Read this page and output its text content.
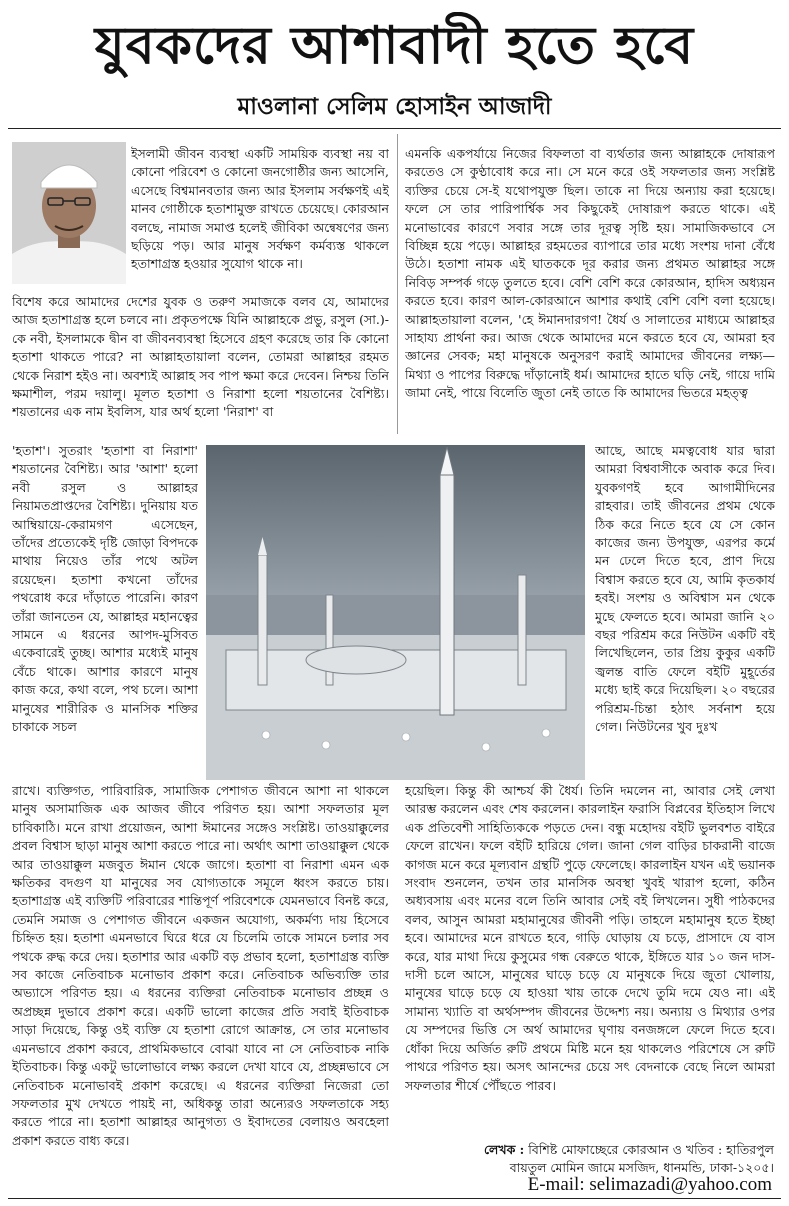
যুবকদের আশাবাদী হতে হবে
মাওলানা সেলিম হোসাইন আজাদী

ইসলামী জীবন ব্যবস্থা একটি সাময়িক ব্যবস্থা নয় বা কোনো পরিবেশ ও কোনো জনগোষ্ঠীর জন্য আসেনি, এসেছে বিশ্বমানবতার জন্য আর ইসলাম সর্বক্ষণই এই মানব গোষ্ঠীকে হতাশামুক্ত রাখতে চেয়েছে। কোরআন বলছে, নামাজ সমাপ্ত হলেই জীবিকা অন্বেষণের জন্য ছড়িয়ে পড়। আর মানুষ সর্বক্ষণ কর্মব্যস্ত থাকলে হতাশাগ্রস্ত হওয়ার সুযোগ থাকে না।

বিশেষ করে আমাদের দেশের যুবক ও তরুণ সমাজকে বলব যে, আমাদের আজ হতাশাগ্রস্ত হলে চলবে না। প্রকৃতপক্ষে যিনি আল্লাহকে প্রভু, রসুল (সা.)-কে নবী, ইসলামকে দ্বীন বা জীবনব্যবস্থা হিসেবে গ্রহণ করেছে তার কি কোনো হতাশা থাকতে পারে? না আল্লাহতায়ালা বলেন, তোমরা আল্লাহর রহমত থেকে নিরাশ হইও না। অবশ্যই আল্লাহ সব পাপ ক্ষমা করে দেবেন। নিশ্চয় তিনি ক্ষমাশীল, পরম দয়ালু। মূলত হতাশা ও নিরাশা হলো শয়তানের বৈশিষ্ট্য। শয়তানের এক নাম ইবলিস, যার অর্থ হলো 'নিরাশ' বা

'হতাশ'। সুতরাং 'হতাশা বা নিরাশা' শয়তানের বৈশিষ্ট্য। আর 'আশা' হলো নবী রসুল ও আল্লাহর নিয়ামতপ্রাপ্তদের বৈশিষ্ট্য। দুনিয়ায় যত আম্বিয়ায়ে-কেরামগণ এসেছেন, তাঁদের প্রত্যেকেই দৃষ্টি জোড়া বিপদকে মাথায় নিয়েও তাঁর পথে অটল রয়েছেন। হতাশা কখনো তাঁদের পথরোধ করে দাঁড়াতে পারেনি। কারণ তাঁরা জানতেন যে, আল্লাহর মহানত্বের সামনে এ ধরনের আপদ-মুসিবত একেবারেই তুচ্ছ। আশার মধ্যেই মানুষ বেঁচে থাকে। আশার কারণে মানুষ কাজ করে, কথা বলে, পথ চলে। আশা মানুষের শারীরিক ও মানসিক শক্তির চাকাকে সচল

রাখে। ব্যক্তিগত, পারিবারিক, সামাজিক পেশাগত জীবনে আশা না থাকলে মানুষ অসামাজিক এক আজব জীবে পরিণত হয়। আশা সফলতার মূল চাবিকাঠি। মনে রাখা প্রয়োজন, আশা ঈমানের সঙ্গেও সংশ্লিষ্ট। তাওয়াক্কুলের প্রবল বিশ্বাস ছাড়া মানুষ আশা করতে পারে না। অর্থাৎ আশা তাওয়াক্কুল থেকে আর তাওয়াক্কুল মজবুত ঈমান থেকে জাগে। হতাশা বা নিরাশা এমন এক ক্ষতিকর বদগুণ যা মানুষের সব যোগ্যতাকে সমূলে ধ্বংস করতে চায়। হতাশাগ্রস্ত এই ব্যক্তিটি পরিবারের শান্তিপূর্ণ পরিবেশকে যেমনভাবে বিনষ্ট করে, তেমনি সমাজ ও পেশাগত জীবনে একজন অযোগ্য, অকর্মণ্য দায় হিসেবে চিহ্নিত হয়। হতাশা এমনভাবে ঘিরে ধরে যে চিলেমি তাকে সামনে চলার সব পথকে রুদ্ধ করে দেয়। হতাশার আর একটি বড় প্রভাব হলো, হতাশাগ্রস্ত ব্যক্তি সব কাজে নেতিবাচক মনোভাব প্রকাশ করে। নেতিবাচক অভিব্যক্তি তার অভ্যাসে পরিণত হয়। এ ধরনের ব্যক্তিরা নেতিবাচক মনোভাব প্রচ্ছন্ন ও অপ্রচ্ছন্ন দুভাবে প্রকাশ করে। একটি ভালো কাজের প্রতি সবাই ইতিবাচক সাড়া দিয়েছে, কিন্তু ওই ব্যক্তি যে হতাশা রোগে আক্রান্ত, সে তার মনোভাব এমনভাবে প্রকাশ করবে, প্রাথমিকভাবে বোঝা যাবে না সে নেতিবাচক নাকি ইতিবাচক। কিন্তু একটু ভালোভাবে লক্ষ্য করলে দেখা যাবে যে, প্রচ্ছন্নভাবে সে নেতিবাচক মনোভাবই প্রকাশ করেছে। এ ধরনের ব্যক্তিরা নিজেরা তো সফলতার মুখ দেখতে পায়ই না, অধিকন্তু তারা অন্যেরও সফলতাকে সহ্য করতে পারে না। হতাশা আল্লাহর আনুগত্য ও ইবাদতের বেলায়ও অবহেলা প্রকাশ করতে বাধ্য করে।

এমনকি একপর্যায়ে নিজের বিফলতা বা ব্যর্থতার জন্য আল্লাহকে দোষারূপ করতেও সে কুণ্ঠাবোধ করে না। সে মনে করে ওই সফলতার জন্য সংশ্লিষ্ট ব্যক্তির চেয়ে সে-ই যথোপযুক্ত ছিল। তাকে না দিয়ে অন্যায় করা হয়েছে। ফলে সে তার পারিপার্শ্বিক সব কিছুকেই দোষারূপ করতে থাকে। এই মনোভাবের কারণে সবার সঙ্গে তার দূরত্ব সৃষ্টি হয়। সামাজিকভাবে সে বিচ্ছিন্ন হয়ে পড়ে। আল্লাহর রহমতের ব্যাপারে তার মধ্যে সংশয় দানা বেঁধে উঠে। হতাশা নামক এই ঘাতককে দূর করার জন্য প্রথমত আল্লাহর সঙ্গে নিবিড় সম্পর্ক গড়ে তুলতে হবে। বেশি বেশি করে কোরআন, হাদিস অধ্যয়ন করতে হবে। কারণ আল-কোরআনে আশার কথাই বেশি বেশি বলা হয়েছে। আল্লাহতায়ালা বলেন, 'হে ঈমানদারগণ! ধৈর্য ও সালাতের মাধ্যমে আল্লাহর সাহায্য প্রার্থনা কর। আজ থেকে আমাদের মনে করতে হবে যে, আমরা হব জ্ঞানের সেবক; মহা মানুষকে অনুসরণ করাই আমাদের জীবনের লক্ষ্য— মিথ্যা ও পাপের বিরুদ্ধে দাঁড়ানোই ধর্ম। আমাদের হাতে ঘড়ি নেই, গায়ে দামি জামা নেই, পায়ে বিলেতি জুতা নেই তাতে কি আমাদের ভিতরে মহত্ত্ব

আছে, আছে মমত্ববোধ যার দ্বারা আমরা বিশ্ববাসীকে অবাক করে দিব। যুবকগণই হবে আগামীদিনের রাহবার। তাই জীবনের প্রথম থেকে ঠিক করে নিতে হবে যে সে কোন কাজের জন্য উপযুক্ত, এরপর কর্মে মন ঢেলে দিতে হবে, প্রাণ দিয়ে বিশ্বাস করতে হবে যে, আমি কৃতকার্য হবই। সংশয় ও অবিশ্বাস মন থেকে মুছে ফেলতে হবে। আমরা জানি ২০ বছর পরিশ্রম করে নিউটন একটি বই লিখেছিলেন, তার প্রিয় কুকুর একটি জ্বলন্ত বাতি ফেলে বইটি মুহূর্তের মধ্যে ছাই করে দিয়েছিল। ২০ বছরের পরিশ্রম-চিন্তা হঠাৎ সর্বনাশ হয়ে গেল। নিউটনের খুব দুঃখ

হয়েছিল। কিন্তু কী আশ্চর্য কী ধৈর্য। তিনি দমলেন না, আবার সেই লেখা আরম্ভ করলেন এবং শেষ করলেন। কারলাইন ফরাসি বিপ্লবের ইতিহাস লিখে এক প্রতিবেশী সাহিত্যিককে পড়তে দেন। বন্ধু মহোদয় বইটি ভুলবশত বাইরে ফেলে রাখেন। ফলে বইটি হারিয়ে গেল। জানা গেল বাড়ির চাকরানী বাজে কাগজ মনে করে মূল্যবান গ্রন্থটি পুড়ে ফেলেছে। কারলাইন যখন এই ভয়ানক সংবাদ শুনলেন, তখন তার মানসিক অবস্থা খুবই খারাপ হলো, কঠিন অধ্যবসায় এবং মনের বলে তিনি আবার সেই বই লিখলেন। সুধী পাঠকদের বলব, আসুন আমরা মহামানুষের জীবনী পড়ি। তাহলে মহামানুষ হতে ইচ্ছা হবে। আমাদের মনে রাখতে হবে, গাড়ি ঘোড়ায় যে চড়ে, প্রাসাদে যে বাস করে, যার মাথা দিয়ে কুসুমের গন্ধ বেরুতে থাকে, ইঙ্গিতে যার ১০ জন দাস-দাসী চলে আসে, মানুষের ঘাড়ে চড়ে যে মানুষকে দিয়ে জুতা খোলায়, মানুষের ঘাড়ে চড়ে যে হাওয়া খায় তাকে দেখে তুমি দমে যেও না। এই সামান্য খ্যাতি বা অর্থসম্পদ জীবনের উদ্দেশ্য নয়। অন্যায় ও মিথ্যার ওপর যে সম্পদের ভিত্তি সে অর্থ আমাদের ঘৃণায় বনজঙ্গলে ফেলে দিতে হবে। ধোঁকা দিয়ে অর্জিত রুটি প্রথমে মিষ্টি মনে হয় থাকলেও পরিশেষে সে রুটি পাথরে পরিণত হয়। অসৎ আনন্দের চেয়ে সৎ বেদনাকে বেছে নিলে আমরা সফলতার শীর্ষে পৌঁছতে পারব।

লেখক : বিশিষ্ট মোফাচ্ছেরে কোরআন ও খতিব : হাতিরপুল
বায়তুল মোমিন জামে মসজিদ, ধানমন্ডি, ঢাকা-১২০৫।
E-mail: selimazadi@yahoo.com
